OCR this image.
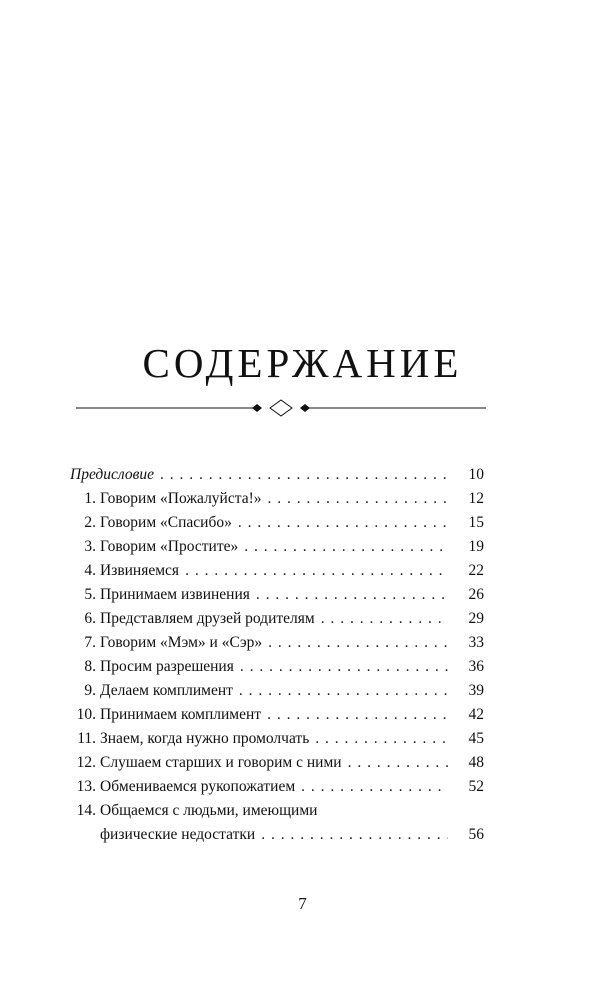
СОДЕРЖАНИЕ
Предисловие . . .	10
1. Говорим «Пожалуйста!» . . .	12
2. Говорим «Спасибо» . . .	15
3. Говорим «Простите» . . .	19
4. Извиняемся . . .	22
5. Принимаем извинения . . .	26
6. Представляем друзей родителям . . .	29
7. Говорим «Мэм» и «Сэр» . . .	33
8. Просим разрешения . . .	36
9. Делаем комплимент . . .	39
10. Принимаем комплимент . . .	42
11. Знаем, когда нужно промолчать . . .	45
12. Слушаем старших и говорим с ними . . .	48
13. Обмениваемся рукопожатием . . .	52
14. Общаемся с людьми, имеющими
физические недостатки . . .	56
7
